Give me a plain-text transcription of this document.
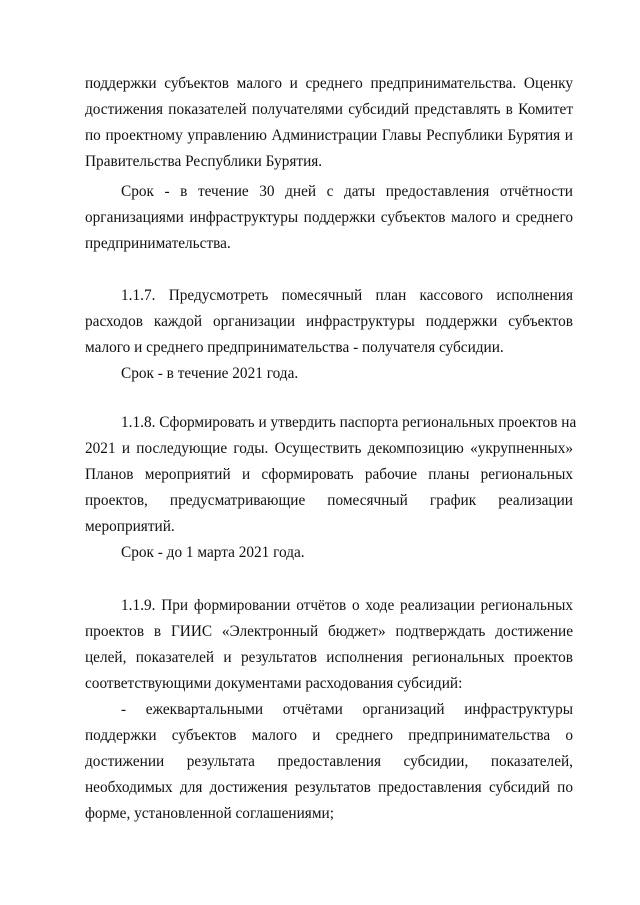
поддержки субъектов малого и среднего предпринимательства. Оценку
достижения показателей получателями субсидий представлять в Комитет
по проектному управлению Администрации Главы Республики Бурятия и
Правительства Республики Бурятия.
Срок - в течение 30 дней с даты предоставления отчётности
организациями инфраструктуры поддержки субъектов малого и среднего
предпринимательства.
1.1.7. Предусмотреть помесячный план кассового исполнения
расходов каждой организации инфраструктуры поддержки субъектов
малого и среднего предпринимательства - получателя субсидии.
Срок - в течение 2021 года.
1.1.8. Сформировать и утвердить паспорта региональных проектов на
2021 и последующие годы. Осуществить декомпозицию «укрупненных»
Планов мероприятий и сформировать рабочие планы региональных
проектов, предусматривающие помесячный график реализации
мероприятий.
Срок - до 1 марта 2021 года.
1.1.9. При формировании отчётов о ходе реализации региональных
проектов в ГИИС «Электронный бюджет» подтверждать достижение
целей, показателей и результатов исполнения региональных проектов
соответствующими документами расходования субсидий:
- ежеквартальными отчётами организаций инфраструктуры
поддержки субъектов малого и среднего предпринимательства о
достижении результата предоставления субсидии, показателей,
необходимых для достижения результатов предоставления субсидий по
форме, установленной соглашениями;
